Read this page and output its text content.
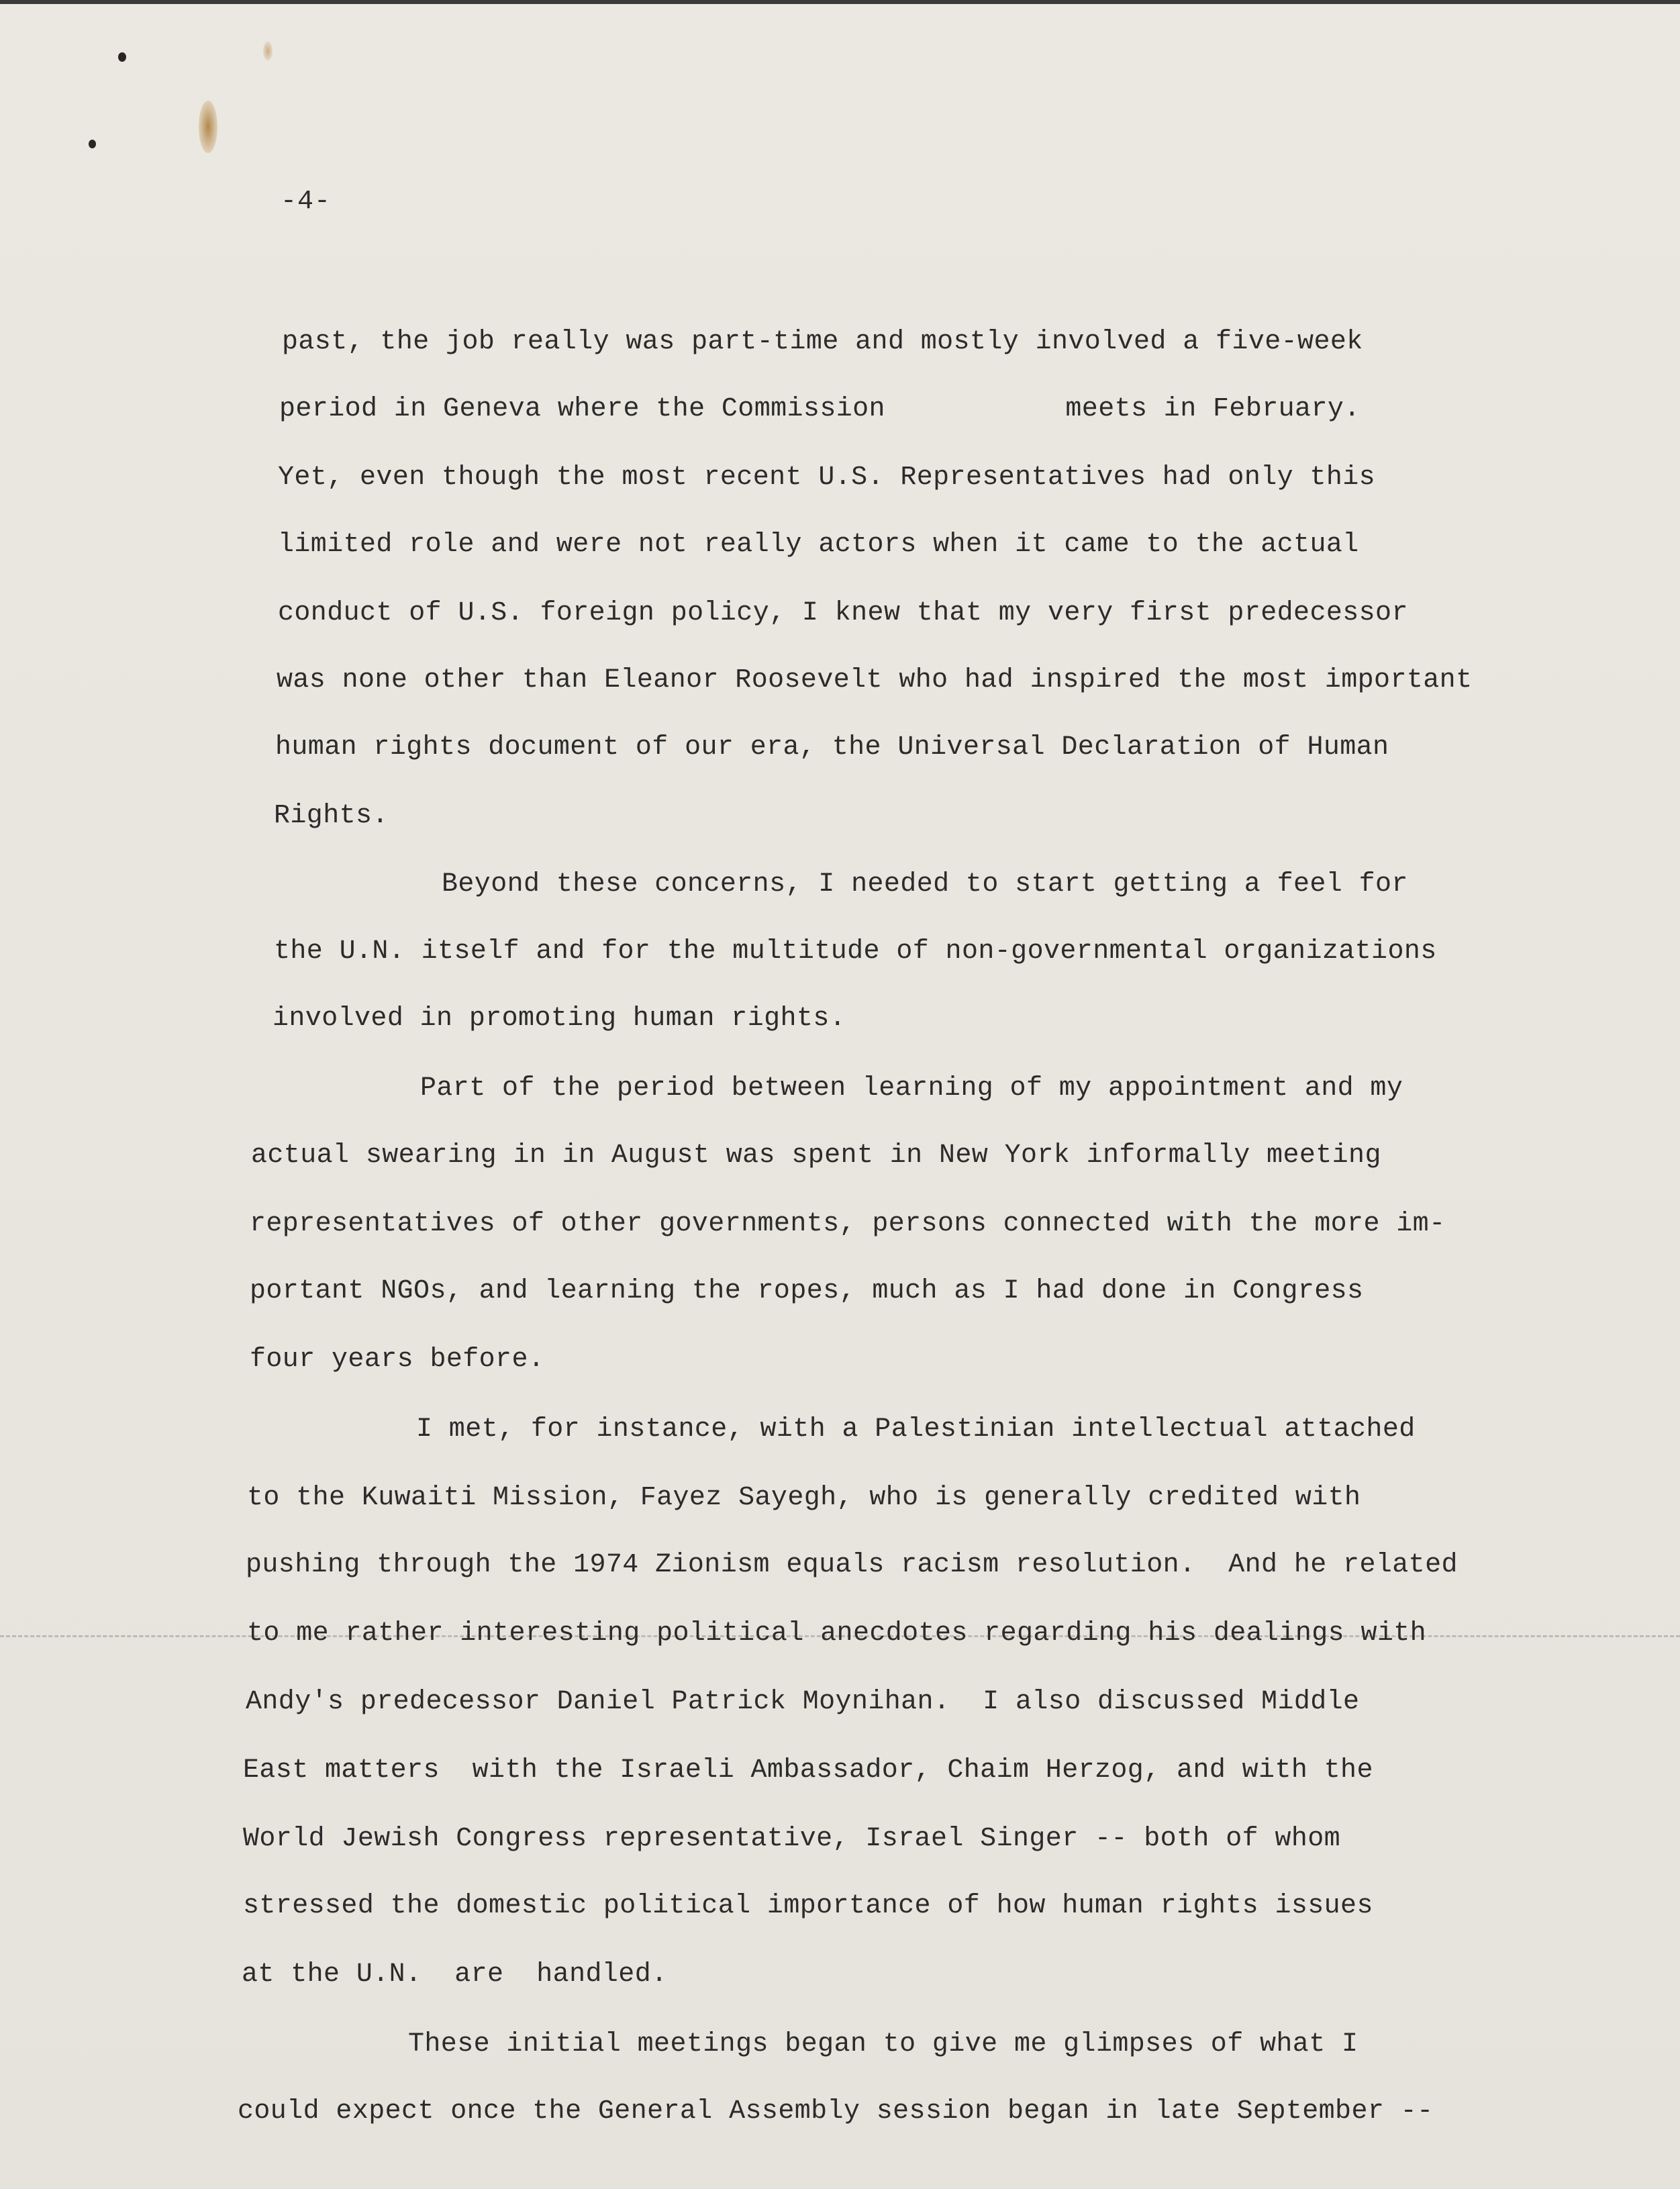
-4-
past, the job really was part-time and mostly involved a five-week
period in Geneva where the Commission           meets in February.
Yet, even though the most recent U.S. Representatives had only this
limited role and were not really actors when it came to the actual
conduct of U.S. foreign policy, I knew that my very first predecessor
was none other than Eleanor Roosevelt who had inspired the most important
human rights document of our era, the Universal Declaration of Human
Rights.
Beyond these concerns, I needed to start getting a feel for
the U.N. itself and for the multitude of non-governmental organizations
involved in promoting human rights.
Part of the period between learning of my appointment and my
actual swearing in in August was spent in New York informally meeting
representatives of other governments, persons connected with the more im-
portant NGOs, and learning the ropes, much as I had done in Congress
four years before.
I met, for instance, with a Palestinian intellectual attached
to the Kuwaiti Mission, Fayez Sayegh, who is generally credited with
pushing through the 1974 Zionism equals racism resolution.  And he related
to me rather interesting political anecdotes regarding his dealings with
Andy's predecessor Daniel Patrick Moynihan.  I also discussed Middle
East matters  with the Israeli Ambassador, Chaim Herzog, and with the
World Jewish Congress representative, Israel Singer -- both of whom
stressed the domestic political importance of how human rights issues
at the U.N.  are  handled.
These initial meetings began to give me glimpses of what I
could expect once the General Assembly session began in late September --
